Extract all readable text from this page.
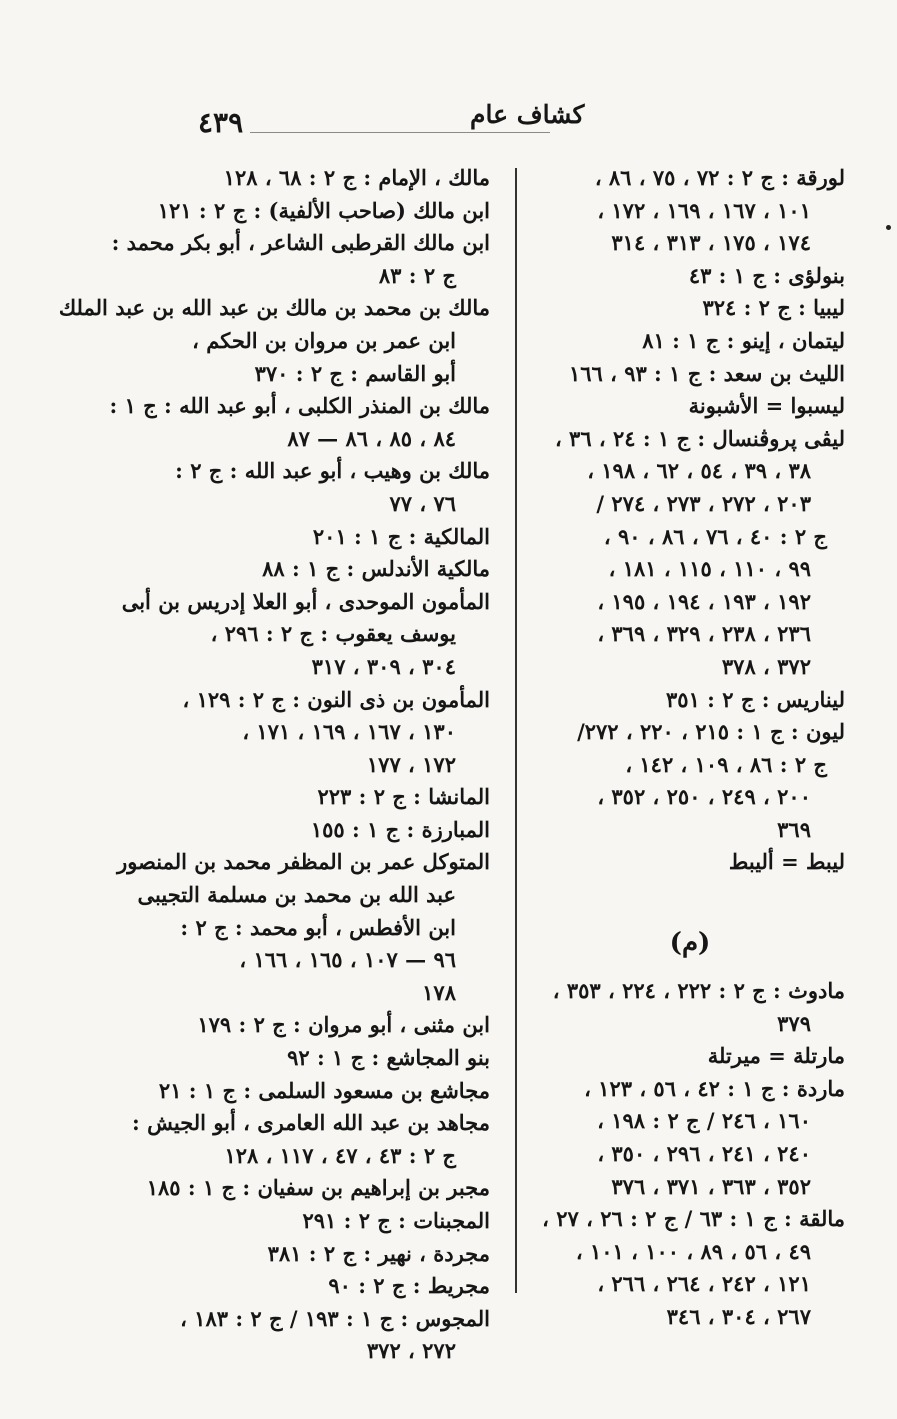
٤٣٩	كشاف عام
لورقة : ج ٢ : ٧٢ ، ٧٥ ، ٨٦ ،
١٠١ ، ١٦٧ ، ١٦٩ ، ١٧٢ ،
١٧٤ ، ١٧٥ ، ٣١٣ ، ٣١٤
بنولؤى : ج ١ : ٤٣
ليبيا : ج ٢ : ٣٢٤
ليتمان ، إينو : ج ١ : ٨١
الليث بن سعد : ج ١ : ٩٣ ، ١٦٦
ليسبوا = الأشبونة
ليڤى پروڤنسال : ج ١ : ٢٤ ، ٣٦ ،
٣٨ ، ٣٩ ، ٥٤ ، ٦٢ ، ١٩٨ ،
٢٠٣ ، ٢٧٢ ، ٢٧٣ ، ٢٧٤ /
ج ٢ : ٤٠ ، ٧٦ ، ٨٦ ، ٩٠ ،
٩٩ ، ١١٠ ، ١١٥ ، ١٨١ ،
١٩٢ ، ١٩٣ ، ١٩٤ ، ١٩٥ ،
٢٣٦ ، ٢٣٨ ، ٣٢٩ ، ٣٦٩ ،
٣٧٢ ، ٣٧٨
ليناريس : ج ٢ : ٣٥١
ليون : ج ١ : ٢١٥ ، ٢٢٠ ، ٢٧٢/
ج ٢ : ٨٦ ، ١٠٩ ، ١٤٢ ،
٢٠٠ ، ٢٤٩ ، ٢٥٠ ، ٣٥٢ ،
٣٦٩
ليبط = أليبط
(م)
مادوث : ج ٢ : ٢٢٢ ، ٢٢٤ ، ٣٥٣ ،
٣٧٩
مارتلة = ميرتلة
ماردة : ج ١ : ٤٢ ، ٥٦ ، ١٢٣ ،
١٦٠ ، ٢٤٦ / ج ٢ : ١٩٨ ،
٢٤٠ ، ٢٤١ ، ٢٩٦ ، ٣٥٠ ،
٣٥٢ ، ٣٦٣ ، ٣٧١ ، ٣٧٦
مالقة : ج ١ : ٦٣ / ج ٢ : ٢٦ ، ٢٧ ،
٤٩ ، ٥٦ ، ٨٩ ، ١٠٠ ، ١٠١ ،
١٢١ ، ٢٤٢ ، ٢٦٤ ، ٢٦٦ ،
٢٦٧ ، ٣٠٤ ، ٣٤٦
مالك ، الإمام : ج ٢ : ٦٨ ، ١٢٨
ابن مالك (صاحب الألفية) : ج ٢ : ١٢١
ابن مالك القرطبى الشاعر ، أبو بكر محمد :
ج ٢ : ٨٣
مالك بن محمد بن مالك بن عبد الله بن عبد الملك
ابن عمر بن مروان بن الحكم ،
أبو القاسم : ج ٢ : ٣٧٠
مالك بن المنذر الكلبى ، أبو عبد الله : ج ١ :
٨٤ ، ٨٥ ، ٨٦ — ٨٧
مالك بن وهيب ، أبو عبد الله : ج ٢ :
٧٦ ، ٧٧
المالكية : ج ١ : ٢٠١
مالكية الأندلس : ج ١ : ٨٨
المأمون الموحدى ، أبو العلا إدريس بن أبى
يوسف يعقوب : ج ٢ : ٢٩٦ ،
٣٠٤ ، ٣٠٩ ، ٣١٧
المأمون بن ذى النون : ج ٢ : ١٢٩ ،
١٣٠ ، ١٦٧ ، ١٦٩ ، ١٧١ ،
١٧٢ ، ١٧٧
المانشا : ج ٢ : ٢٢٣
المبارزة : ج ١ : ١٥٥
المتوكل عمر بن المظفر محمد بن المنصور
عبد الله بن محمد بن مسلمة التجيبى
ابن الأفطس ، أبو محمد : ج ٢ :
٩٦ — ١٠٧ ، ١٦٥ ، ١٦٦ ،
١٧٨
ابن مثنى ، أبو مروان : ج ٢ : ١٧٩
بنو المجاشع : ج ١ : ٩٢
مجاشع بن مسعود السلمى : ج ١ : ٢١
مجاهد بن عبد الله العامرى ، أبو الجيش :
ج ٢ : ٤٣ ، ٤٧ ، ١١٧ ، ١٢٨
مجبر بن إبراهيم بن سفيان : ج ١ : ١٨٥
المجبنات : ج ٢ : ٢٩١
مجردة ، نهير : ج ٢ : ٣٨١
مجريط : ج ٢ : ٩٠
المجوس : ج ١ : ١٩٣ / ج ٢ : ١٨٣ ،
٢٧٢ ، ٣٧٢
